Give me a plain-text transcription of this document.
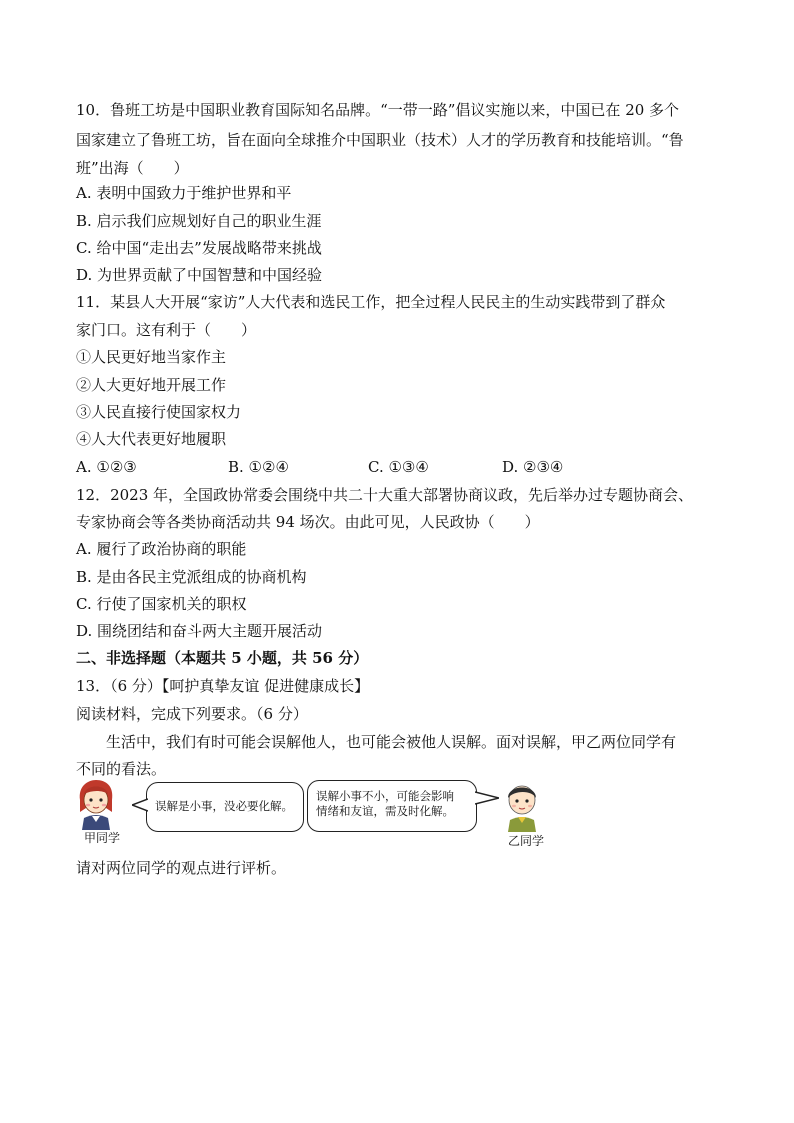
10．鲁班工坊是中国职业教育国际知名品牌。“一带一路”倡议实施以来，中国已在 20 多个
国家建立了鲁班工坊，旨在面向全球推介中国职业（技术）人才的学历教育和技能培训。“鲁
班”出海（　　）
A. 表明中国致力于维护世界和平
B. 启示我们应规划好自己的职业生涯
C. 给中国“走出去”发展战略带来挑战
D. 为世界贡献了中国智慧和中国经验
11．某县人大开展“家访”人大代表和选民工作，把全过程人民民主的生动实践带到了群众
家门口。这有利于（　　）
①人民更好地当家作主
②人大更好地开展工作
③人民直接行使国家权力
④人大代表更好地履职
A. ①②③	B. ①②④	C. ①③④	D. ②③④
12．2023 年，全国政协常委会围绕中共二十大重大部署协商议政，先后举办过专题协商会、
专家协商会等各类协商活动共 94 场次。由此可见，人民政协（　　）
A. 履行了政治协商的职能
B. 是由各民主党派组成的协商机构
C. 行使了国家机关的职权
D. 围绕团结和奋斗两大主题开展活动
二、非选择题（本题共 5 小题，共 56 分）
13．（6 分）【呵护真挚友谊 促进健康成长】
阅读材料，完成下列要求。（6 分）
生活中，我们有时可能会误解他人，也可能会被他人误解。面对误解，甲乙两位同学有
不同的看法。
甲同学
误解是小事，没必要化解。
误解小事不小，可能会影响
情绪和友谊，需及时化解。
乙同学
请对两位同学的观点进行评析。
